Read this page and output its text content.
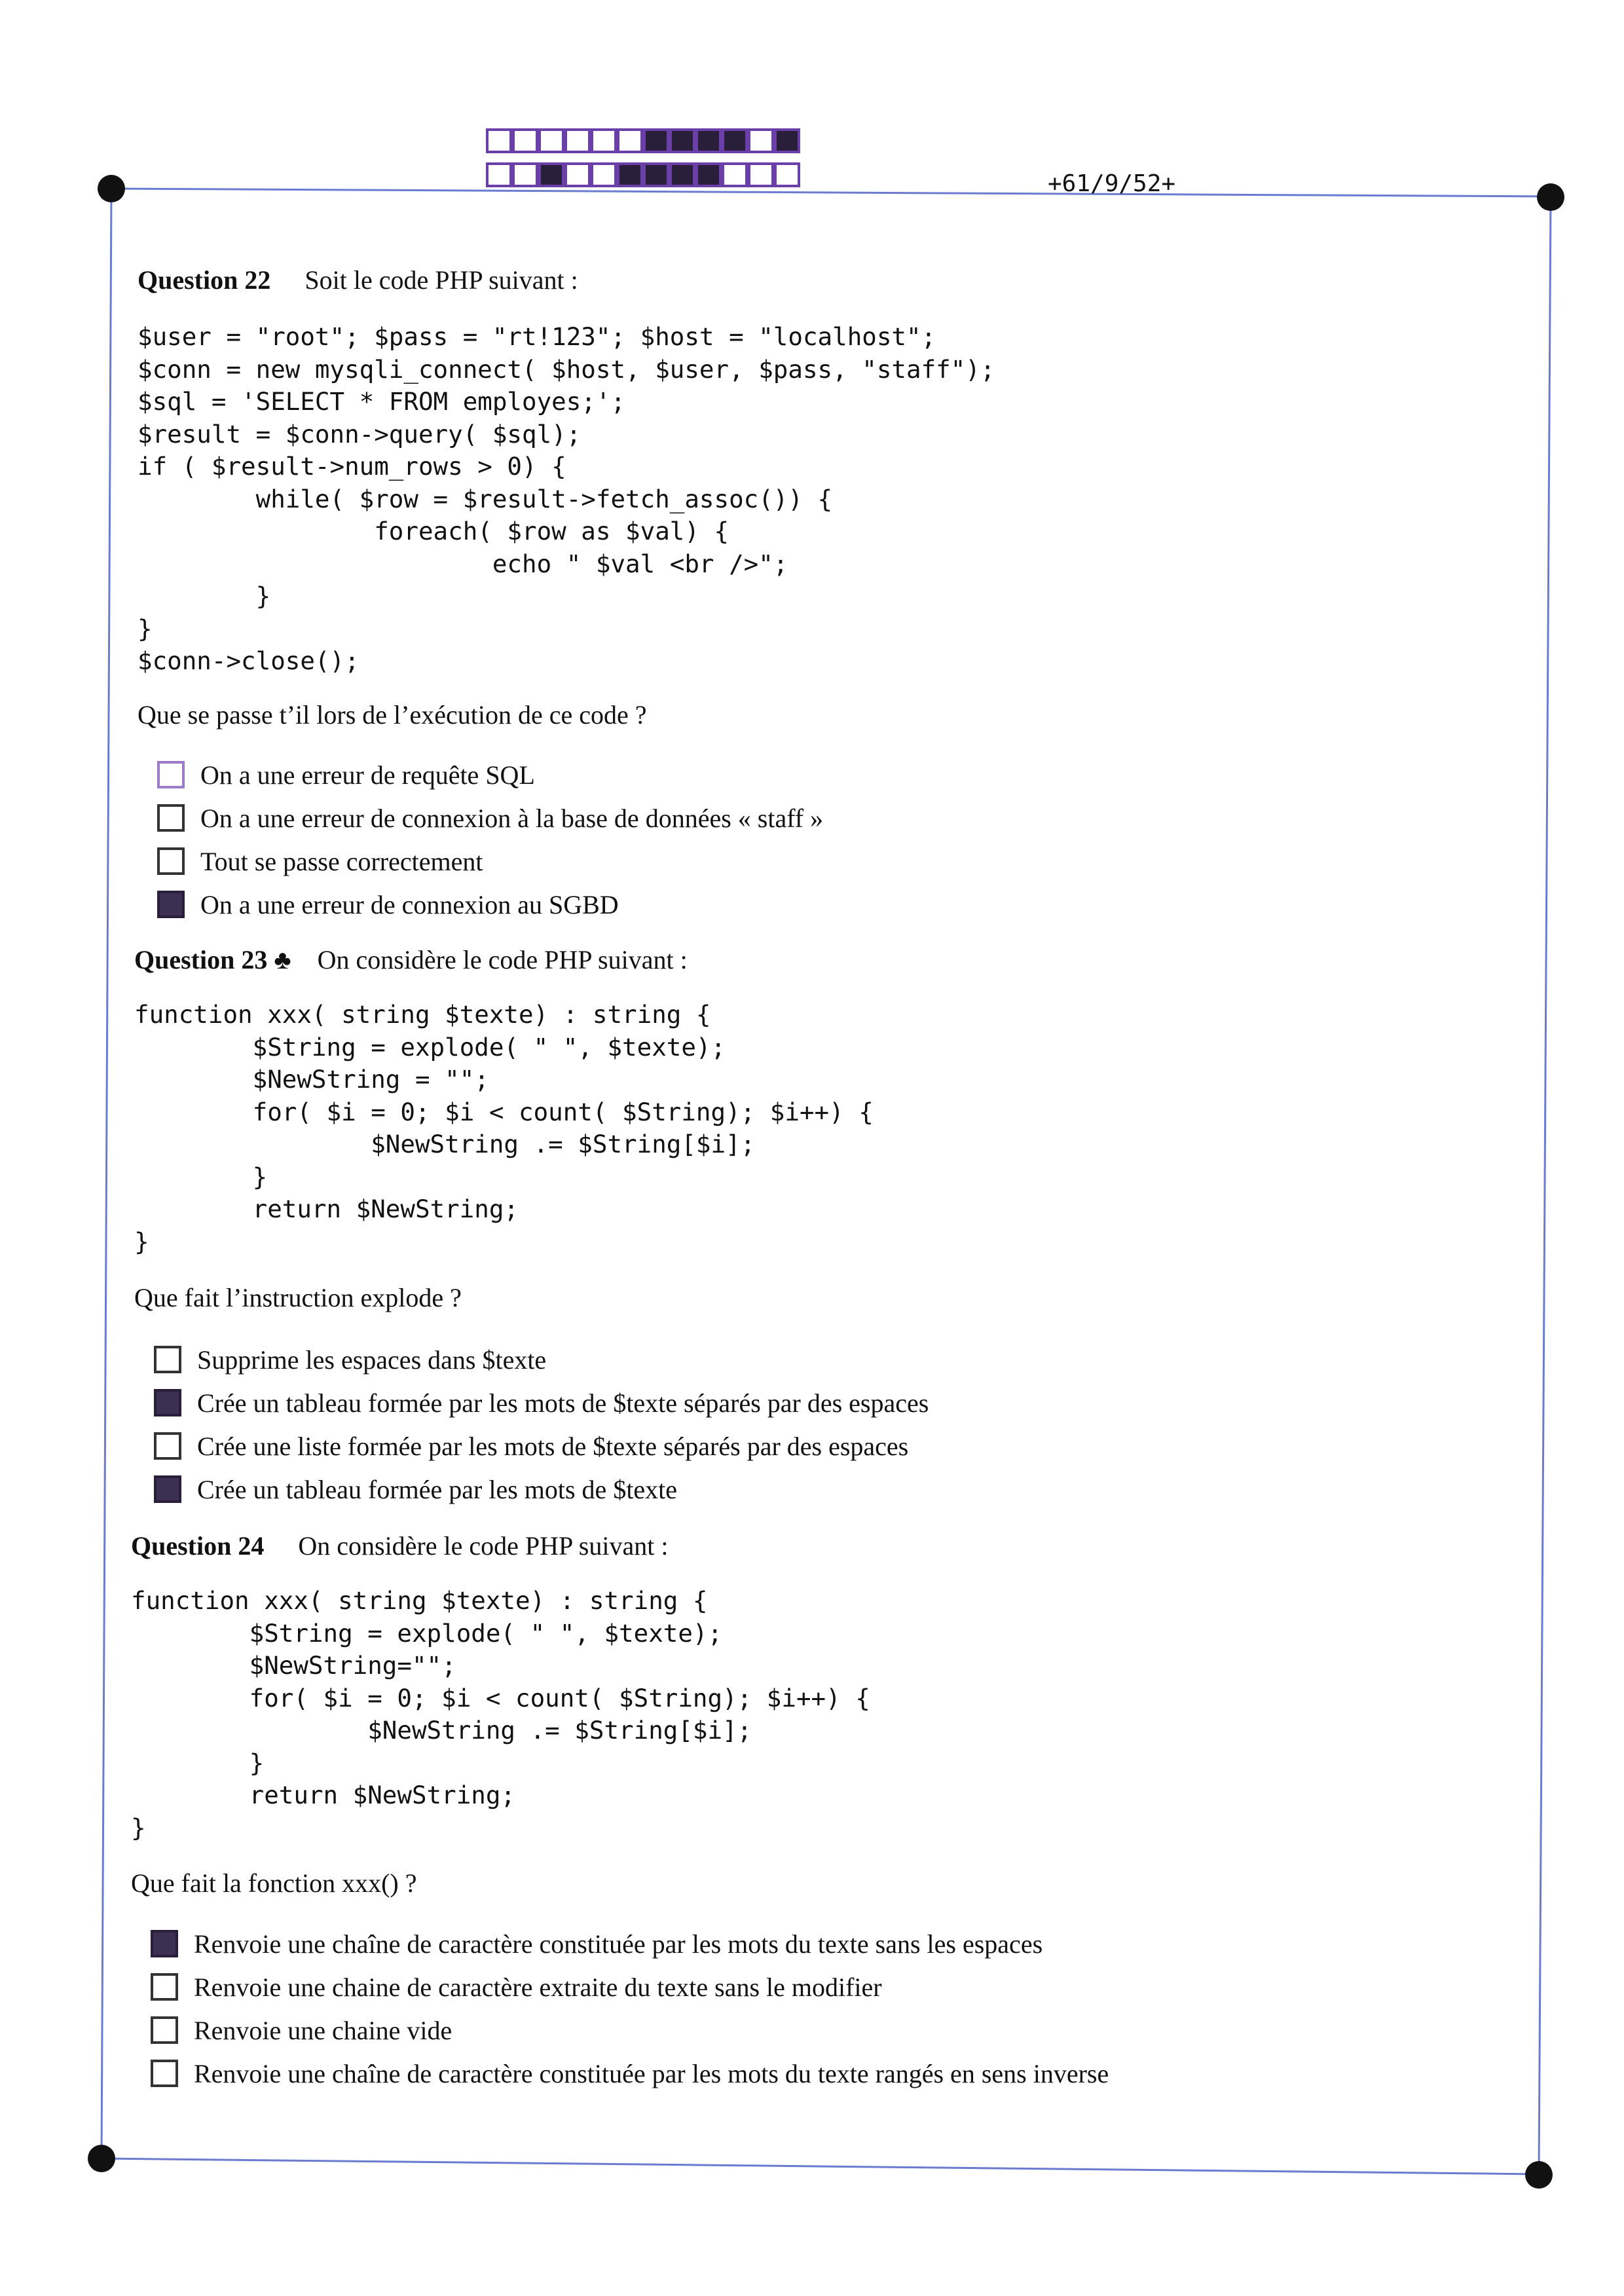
+61/9/52+
Question 22 Soit le code PHP suivant :
$user = "root"; $pass = "rt!123"; $host = "localhost";
$conn = new mysqli_connect( $host, $user, $pass, "staff");
$sql = 'SELECT * FROM employes;';
$result = $conn->query( $sql);
if ( $result->num_rows > 0) {
while( $row = $result->fetch_assoc()) {
foreach( $row as $val) {
echo " $val <br />";
}
}
$conn->close();
Que se passe t’il lors de l’exécution de ce code ?
On a une erreur de requête SQL
On a une erreur de connexion à la base de données « staff »
Tout se passe correctement
On a une erreur de connexion au SGBD
Question 23 ♣ On considère le code PHP suivant :
function xxx( string $texte) : string {
$String = explode( " ", $texte);
$NewString = "";
for( $i = 0; $i < count( $String); $i++) {
$NewString .= $String[$i];
}
return $NewString;
}
Que fait l’instruction explode ?
Supprime les espaces dans $texte
Crée un tableau formée par les mots de $texte séparés par des espaces
Crée une liste formée par les mots de $texte séparés par des espaces
Crée un tableau formée par les mots de $texte
Question 24 On considère le code PHP suivant :
function xxx( string $texte) : string {
$String = explode( " ", $texte);
$NewString="";
for( $i = 0; $i < count( $String); $i++) {
$NewString .= $String[$i];
}
return $NewString;
}
Que fait la fonction xxx() ?
Renvoie une chaîne de caractère constituée par les mots du texte sans les espaces
Renvoie une chaine de caractère extraite du texte sans le modifier
Renvoie une chaine vide
Renvoie une chaîne de caractère constituée par les mots du texte rangés en sens inverse
